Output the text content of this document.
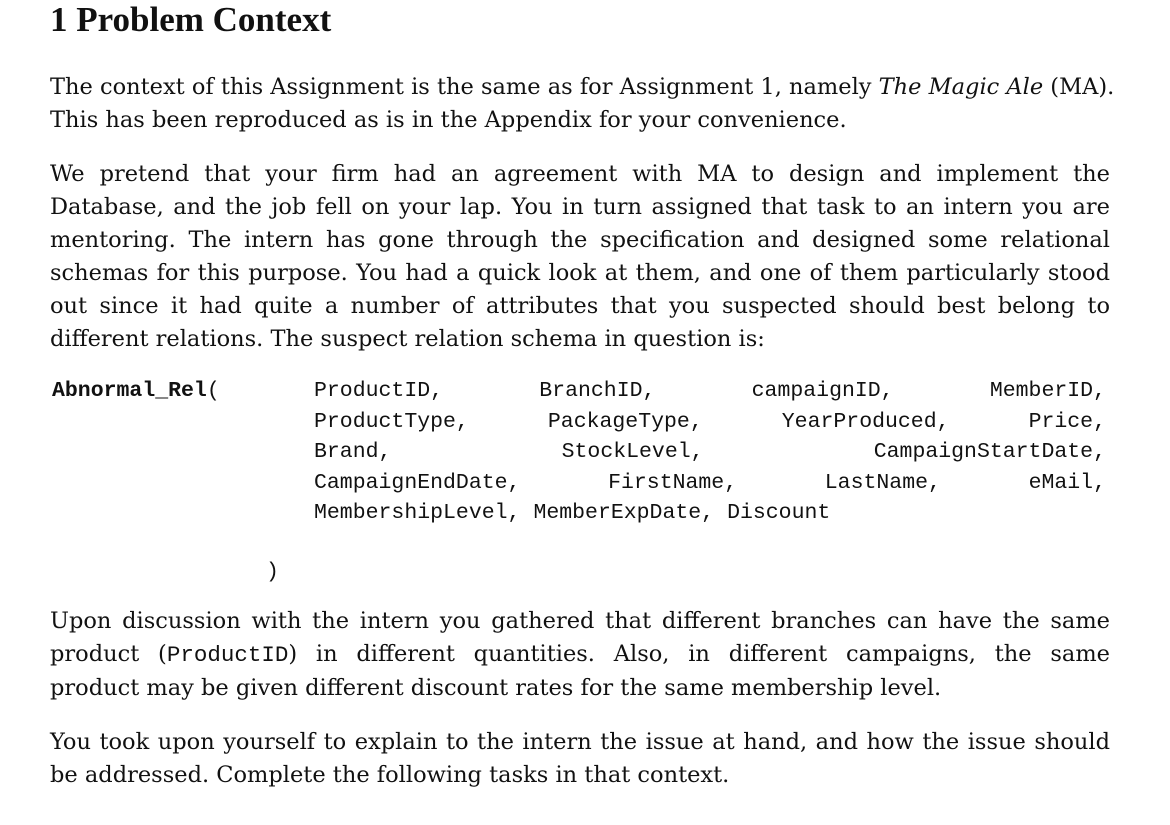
1 Problem Context

The context of this Assignment is the same as for Assignment 1, namely The Magic Ale (MA).
This has been reproduced as is in the Appendix for your convenience.

We pretend that your firm had an agreement with MA to design and implement the
Database, and the job fell on your lap. You in turn assigned that task to an intern you are
mentoring. The intern has gone through the specification and designed some relational
schemas for this purpose. You had a quick look at them, and one of them particularly stood
out since it had quite a number of attributes that you suspected should best belong to
different relations. The suspect relation schema in question is:

Abnormal_Rel(	ProductID,	BranchID,	campaignID,	MemberID,
ProductType,	PackageType,	YearProduced,	Price,
Brand,	StockLevel,	CampaignStartDate,
CampaignEndDate,	FirstName,	LastName,	eMail,
MembershipLevel, MemberExpDate, Discount
)

Upon discussion with the intern you gathered that different branches can have the same
product (ProductID) in different quantities. Also, in different campaigns, the same
product may be given different discount rates for the same membership level.

You took upon yourself to explain to the intern the issue at hand, and how the issue should
be addressed. Complete the following tasks in that context.
